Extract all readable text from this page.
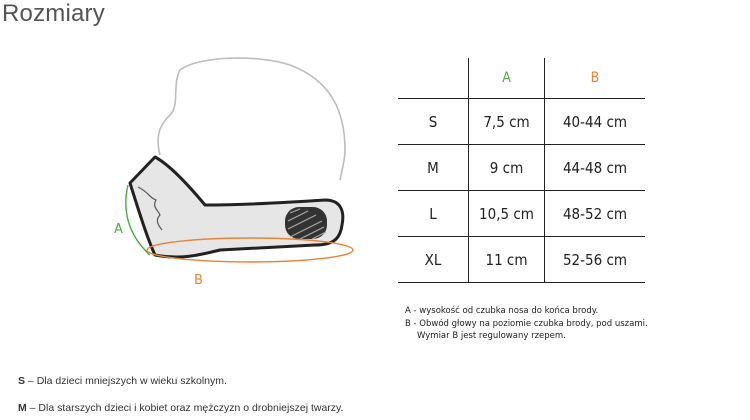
Rozmiary
A
B
	A	B
S	7,5 cm	40-44 cm
M	9 cm	44-48 cm
L	10,5 cm	48-52 cm
XL	11 cm	52-56 cm
A - wysokość od czubka nosa do końca brody.
B - Obwód głowy na poziomie czubka brody, pod uszami.
Wymiar B jest regulowany rzepem.
S – Dla dzieci mniejszych w wieku szkolnym.
M – Dla starszych dzieci i kobiet oraz mężczyzn o drobniejszej twarzy.
